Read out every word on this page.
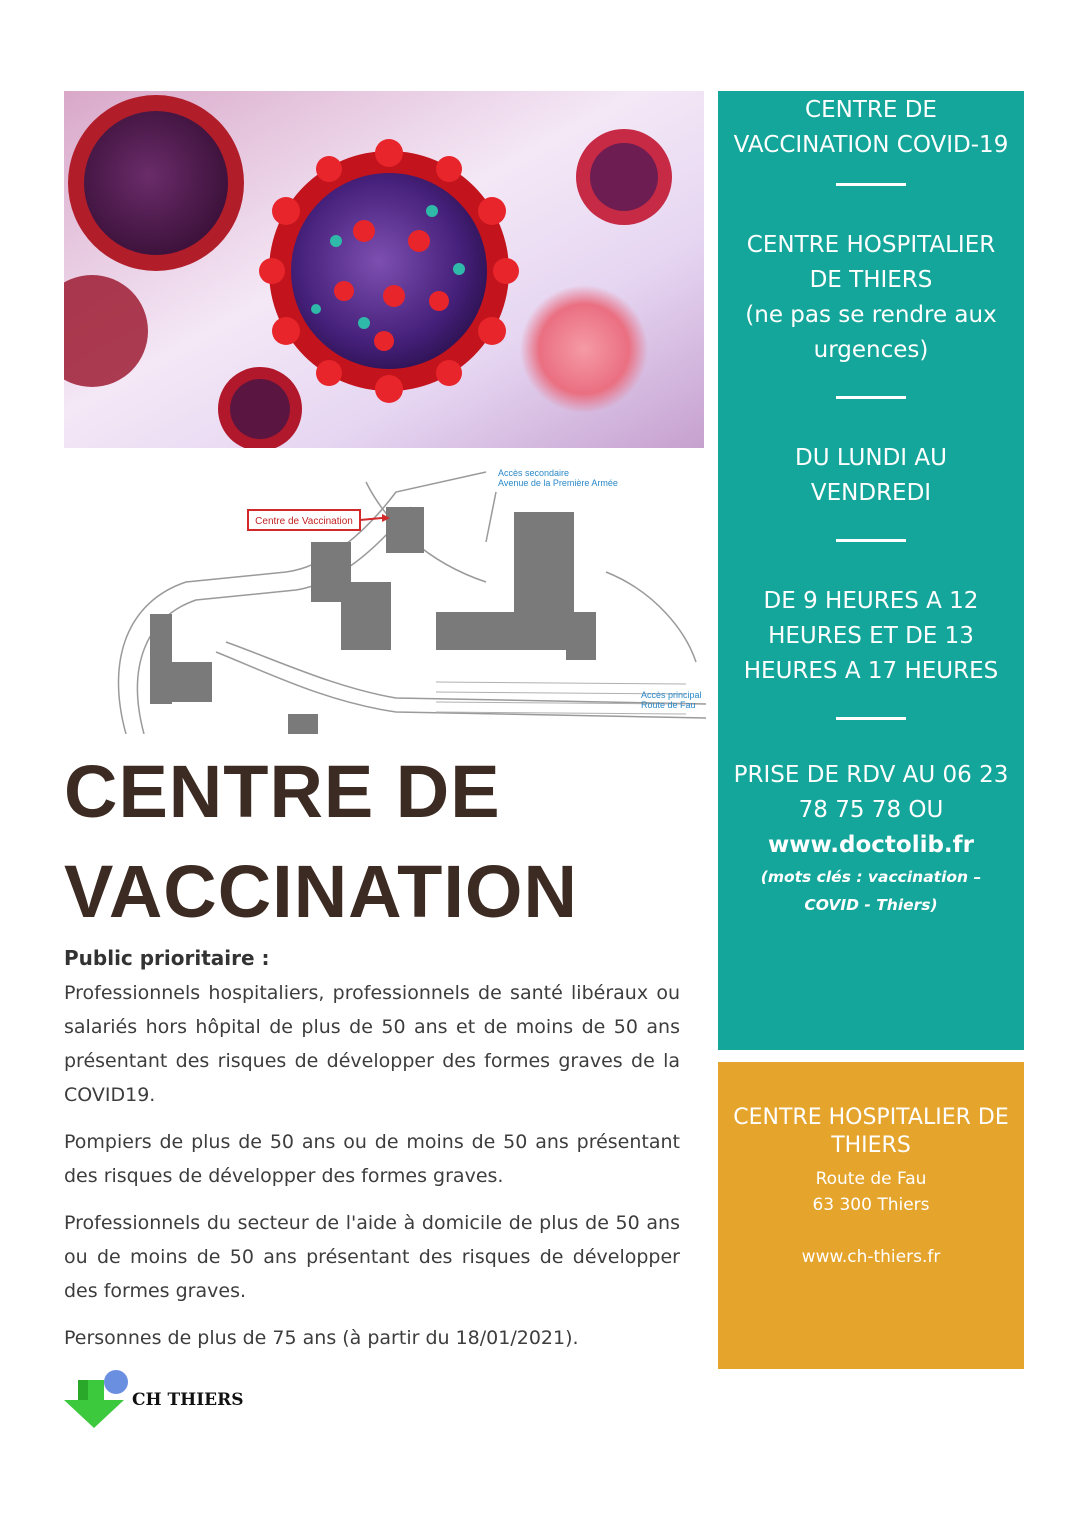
Centre de Vaccination
Accès secondaire
Avenue de la Première Armée
Accès principal
Route de Fau
CENTRE DE
VACCINATION
Public prioritaire :

Professionnels hospitaliers, professionnels de santé libéraux ou salariés hors hôpital de plus de 50 ans et de moins de 50 ans présentant des risques de développer des formes graves de la COVID19.

Pompiers de plus de 50 ans ou de moins de 50 ans présentant des risques de développer des formes graves.

Professionnels du secteur de l'aide à domicile de plus de 50 ans ou de moins de 50 ans présentant des risques de développer des formes graves.

Personnes de plus de 75 ans (à partir du 18/01/2021).

CH THIERS
CENTRE DE VACCINATION COVID-19
CENTRE HOSPITALIER DE THIERS
(ne pas se rendre aux urgences)
DU LUNDI AU VENDREDI
DE 9 HEURES A 12 HEURES ET DE 13 HEURES A 17 HEURES
PRISE DE RDV AU 06 23 78 75 78 OU
www.doctolib.fr
(mots clés : vaccination – COVID - Thiers)
CENTRE HOSPITALIER DE THIERS
Route de Fau
63 300 Thiers
www.ch-thiers.fr
